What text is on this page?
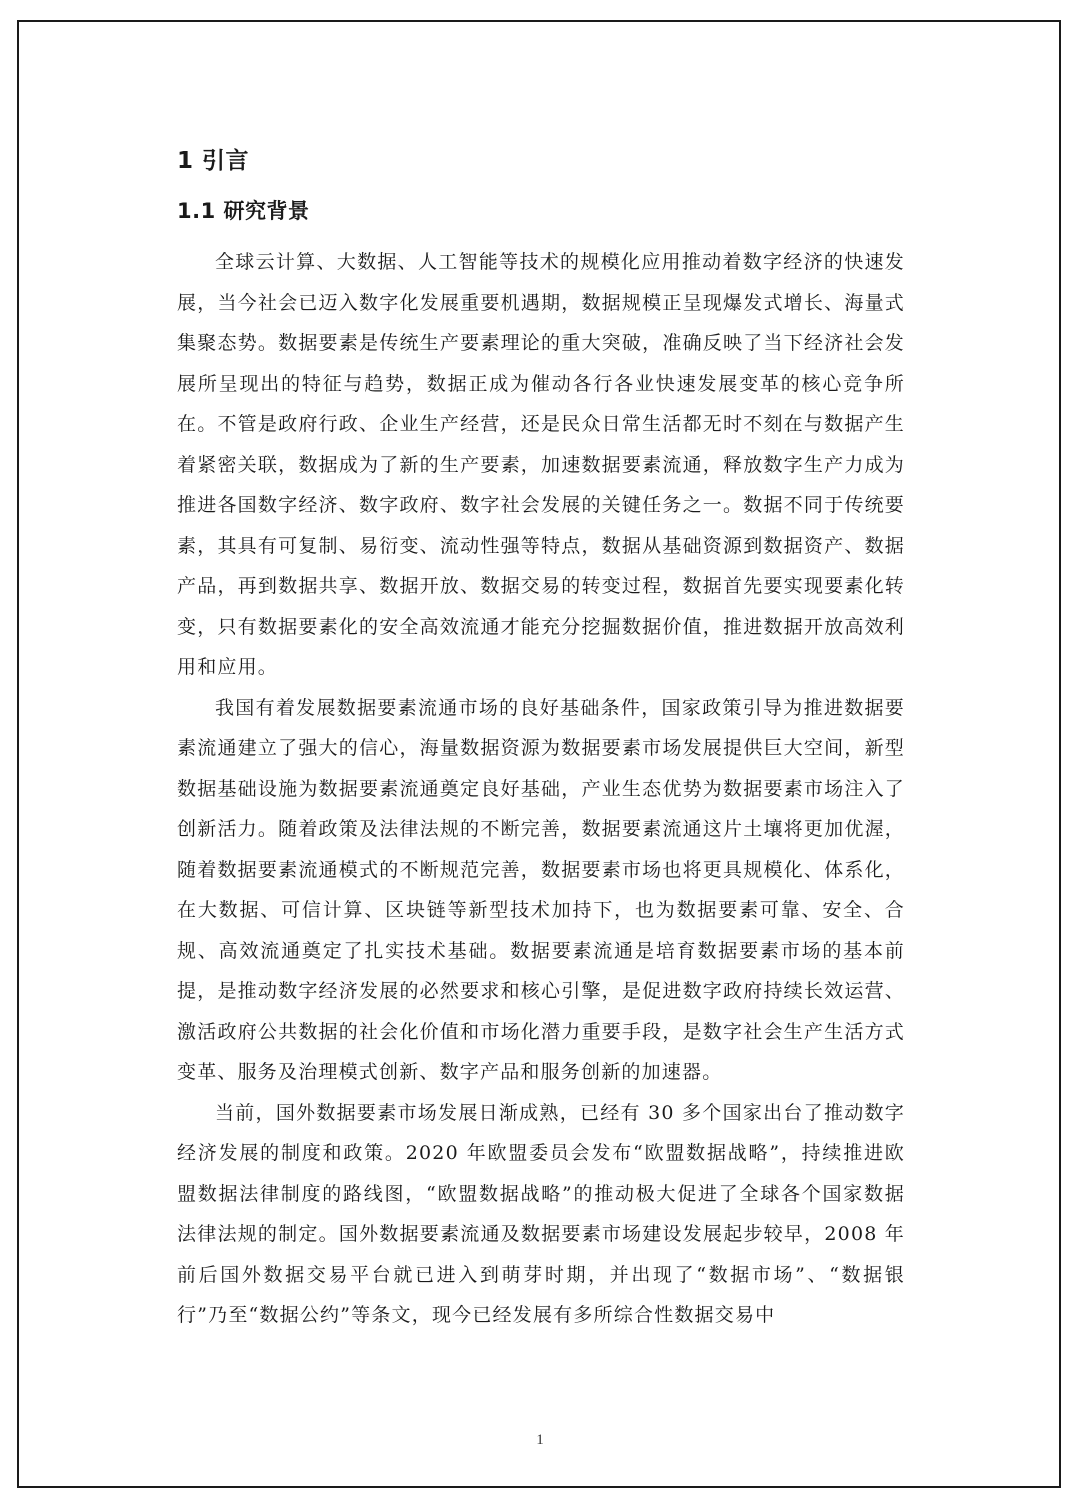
1 引言
1.1 研究背景

全球云计算、大数据、人工智能等技术的规模化应用推动着数字经济的快速发展，当今社会已迈入数字化发展重要机遇期，数据规模正呈现爆发式增长、海量式集聚态势。数据要素是传统生产要素理论的重大突破，准确反映了当下经济社会发展所呈现出的特征与趋势，数据正成为催动各行各业快速发展变革的核心竞争所在。不管是政府行政、企业生产经营，还是民众日常生活都无时不刻在与数据产生着紧密关联，数据成为了新的生产要素，加速数据要素流通，释放数字生产力成为推进各国数字经济、数字政府、数字社会发展的关键任务之一。数据不同于传统要素，其具有可复制、易衍变、流动性强等特点，数据从基础资源到数据资产、数据产品，再到数据共享、数据开放、数据交易的转变过程，数据首先要实现要素化转变，只有数据要素化的安全高效流通才能充分挖掘数据价值，推进数据开放高效利用和应用。

我国有着发展数据要素流通市场的良好基础条件，国家政策引导为推进数据要素流通建立了强大的信心，海量数据资源为数据要素市场发展提供巨大空间，新型数据基础设施为数据要素流通奠定良好基础，产业生态优势为数据要素市场注入了创新活力。随着政策及法律法规的不断完善，数据要素流通这片土壤将更加优渥，随着数据要素流通模式的不断规范完善，数据要素市场也将更具规模化、体系化，在大数据、可信计算、区块链等新型技术加持下，也为数据要素可靠、安全、合规、高效流通奠定了扎实技术基础。数据要素流通是培育数据要素市场的基本前提，是推动数字经济发展的必然要求和核心引擎，是促进数字政府持续长效运营、激活政府公共数据的社会化价值和市场化潜力重要手段，是数字社会生产生活方式变革、服务及治理模式创新、数字产品和服务创新的加速器。

当前，国外数据要素市场发展日渐成熟，已经有 30 多个国家出台了推动数字经济发展的制度和政策。2020 年欧盟委员会发布“欧盟数据战略”，持续推进欧盟数据法律制度的路线图，“欧盟数据战略”的推动极大促进了全球各个国家数据法律法规的制定。国外数据要素流通及数据要素市场建设发展起步较早，2008 年前后国外数据交易平台就已进入到萌芽时期，并出现了“数据市场”、“数据银行”乃至“数据公约”等条文，现今已经发展有多所综合性数据交易中

1
